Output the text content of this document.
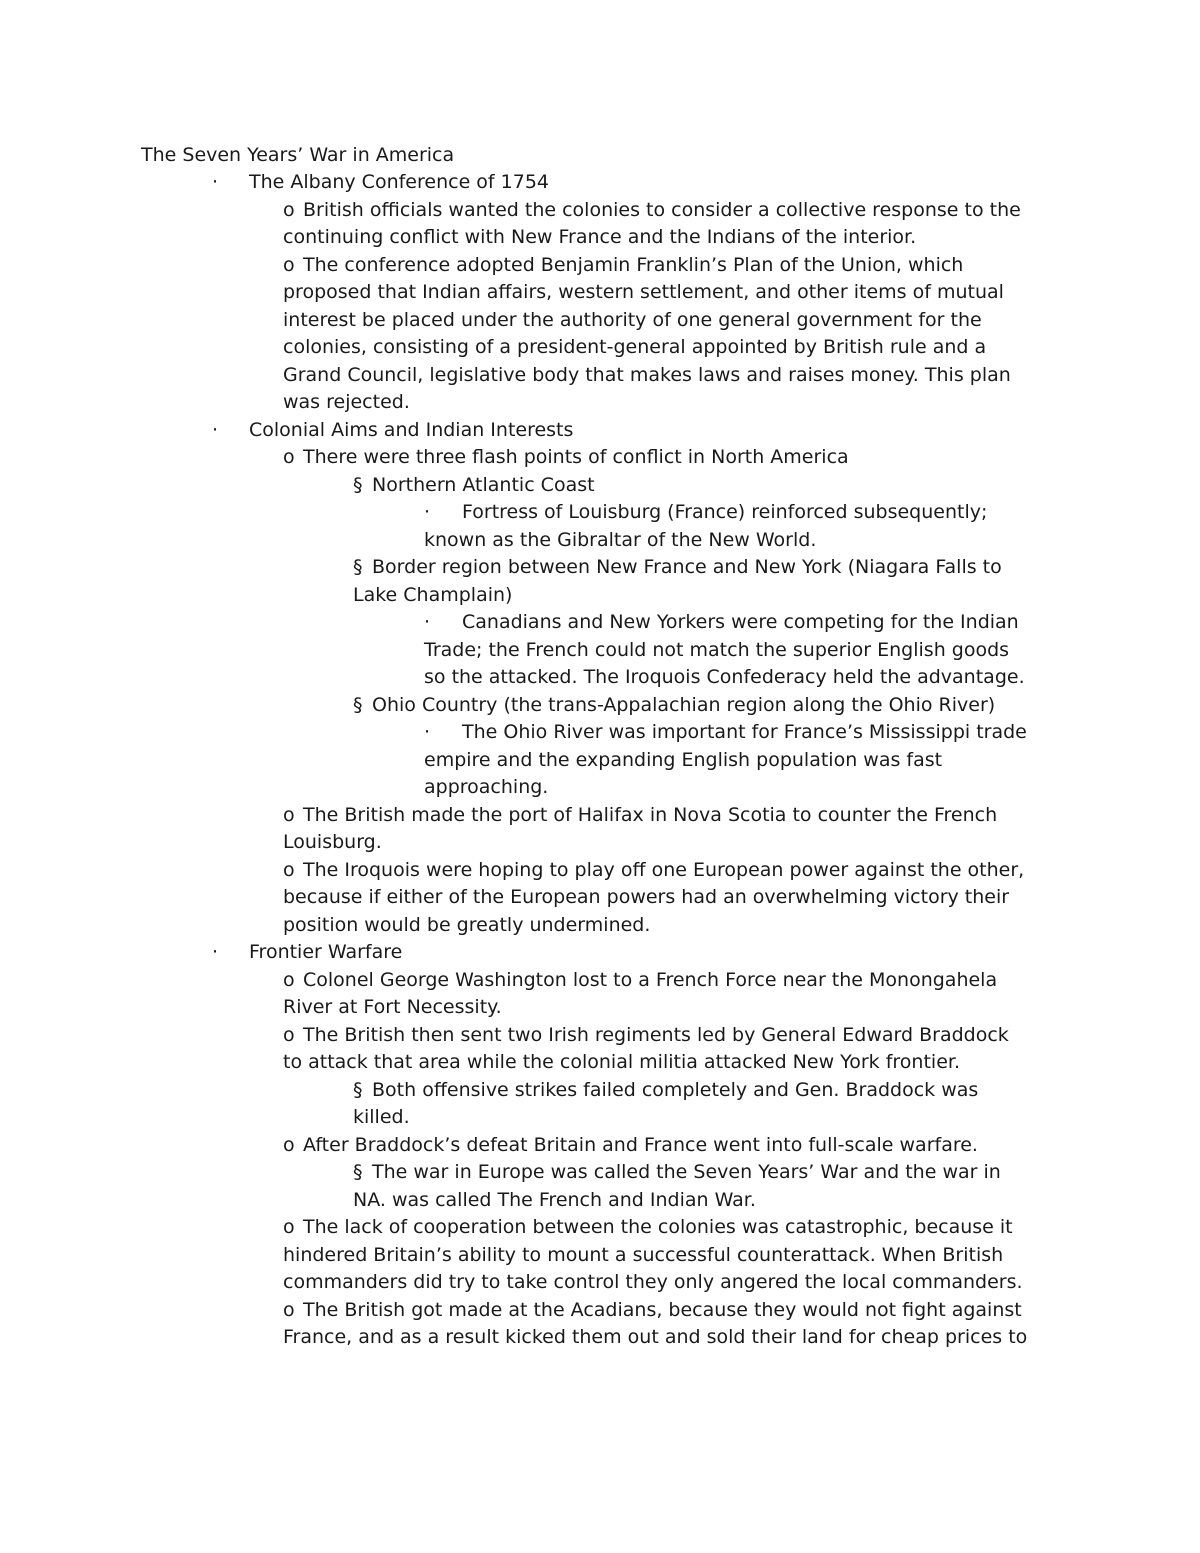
The Seven Years’ War in America
The Albany Conference of 1754
·
British officials wanted the colonies to consider a collective response to the
o
continuing conflict with New France and the Indians of the interior.
The conference adopted Benjamin Franklin’s Plan of the Union, which
o
proposed that Indian affairs, western settlement, and other items of mutual
interest be placed under the authority of one general government for the
colonies, consisting of a president-general appointed by British rule and a
Grand Council, legislative body that makes laws and raises money. This plan
was rejected.
Colonial Aims and Indian Interests
·
There were three flash points of conflict in North America
o
Northern Atlantic Coast
§
Fortress of Louisburg (France) reinforced subsequently;
·
known as the Gibraltar of the New World.
Border region between New France and New York (Niagara Falls to
§
Lake Champlain)
Canadians and New Yorkers were competing for the Indian
·
Trade; the French could not match the superior English goods
so the attacked. The Iroquois Confederacy held the advantage.
Ohio Country (the trans-Appalachian region along the Ohio River)
§
The Ohio River was important for France’s Mississippi trade
·
empire and the expanding English population was fast
approaching.
The British made the port of Halifax in Nova Scotia to counter the French
o
Louisburg.
The Iroquois were hoping to play off one European power against the other,
o
because if either of the European powers had an overwhelming victory their
position would be greatly undermined.
Frontier Warfare
·
Colonel George Washington lost to a French Force near the Monongahela
o
River at Fort Necessity.
The British then sent two Irish regiments led by General Edward Braddock
o
to attack that area while the colonial militia attacked New York frontier.
Both offensive strikes failed completely and Gen. Braddock was
§
killed.
After Braddock’s defeat Britain and France went into full-scale warfare.
o
The war in Europe was called the Seven Years’ War and the war in
§
NA. was called The French and Indian War.
The lack of cooperation between the colonies was catastrophic, because it
o
hindered Britain’s ability to mount a successful counterattack. When British
commanders did try to take control they only angered the local commanders.
The British got made at the Acadians, because they would not fight against
o
France, and as a result kicked them out and sold their land for cheap prices to
